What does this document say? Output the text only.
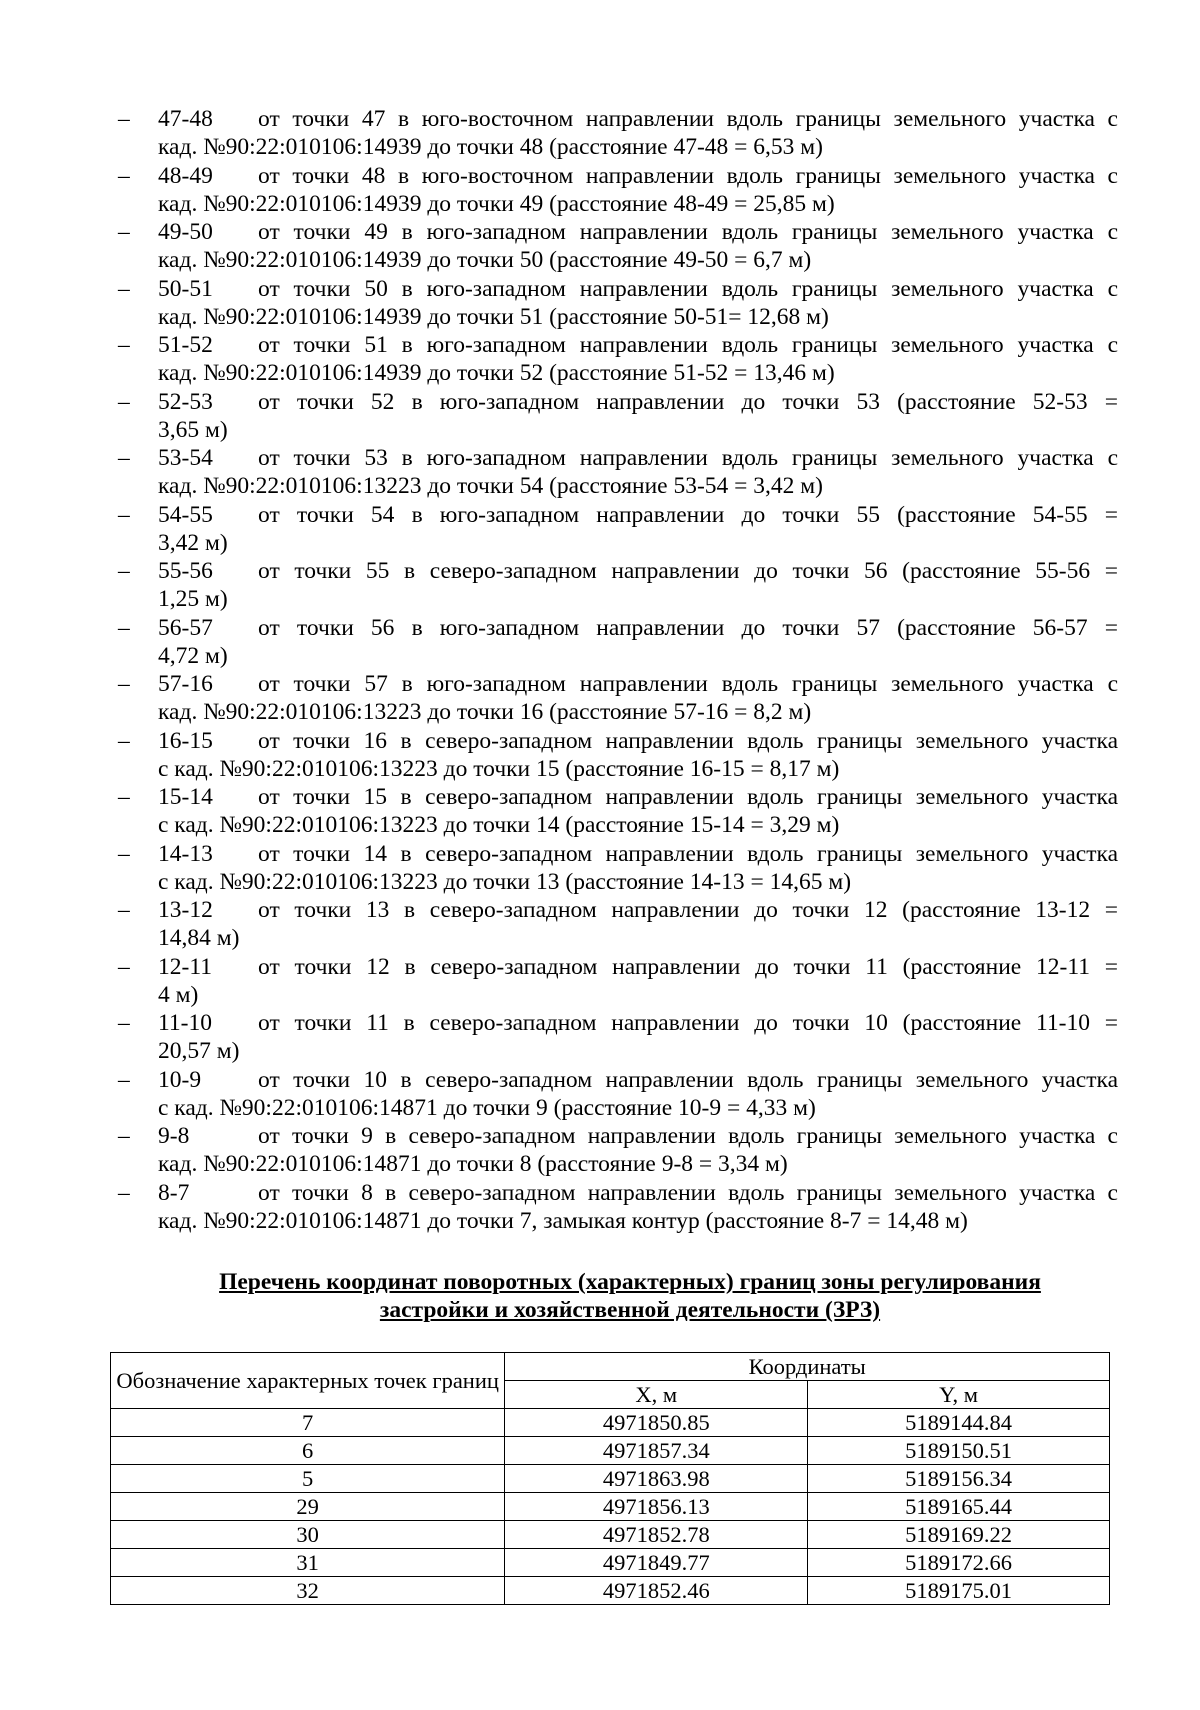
–	47-48	от точки 47 в юго-восточном направлении вдоль границы земельного участка с
кад. №90:22:010106:14939 до точки 48 (расстояние 47-48 = 6,53 м)
–	48-49	от точки 48 в юго-восточном направлении вдоль границы земельного участка с
кад. №90:22:010106:14939 до точки 49 (расстояние 48-49 = 25,85 м)
–	49-50	от точки 49 в юго-западном направлении вдоль границы земельного участка с
кад. №90:22:010106:14939 до точки 50 (расстояние 49-50 = 6,7 м)
–	50-51	от точки 50 в юго-западном направлении вдоль границы земельного участка с
кад. №90:22:010106:14939 до точки 51 (расстояние 50-51= 12,68 м)
–	51-52	от точки 51 в юго-западном направлении вдоль границы земельного участка с
кад. №90:22:010106:14939 до точки 52 (расстояние 51-52 = 13,46 м)
–	52-53	от точки 52 в юго-западном направлении до точки 53 (расстояние 52-53 =
3,65 м)
–	53-54	от точки 53 в юго-западном направлении вдоль границы земельного участка с
кад. №90:22:010106:13223 до точки 54 (расстояние 53-54 = 3,42 м)
–	54-55	от точки 54 в юго-западном направлении до точки 55 (расстояние 54-55 =
3,42 м)
–	55-56	от точки 55 в северо-западном направлении до точки 56 (расстояние 55-56 =
1,25 м)
–	56-57	от точки 56 в юго-западном направлении до точки 57 (расстояние 56-57 =
4,72 м)
–	57-16	от точки 57 в юго-западном направлении вдоль границы земельного участка с
кад. №90:22:010106:13223 до точки 16 (расстояние 57-16 = 8,2 м)
–	16-15	от точки 16 в северо-западном направлении вдоль границы земельного участка
с кад. №90:22:010106:13223 до точки 15 (расстояние 16-15 = 8,17 м)
–	15-14	от точки 15 в северо-западном направлении вдоль границы земельного участка
с кад. №90:22:010106:13223 до точки 14 (расстояние 15-14 = 3,29 м)
–	14-13	от точки 14 в северо-западном направлении вдоль границы земельного участка
с кад. №90:22:010106:13223 до точки 13 (расстояние 14-13 = 14,65 м)
–	13-12	от точки 13 в северо-западном направлении до точки 12 (расстояние 13-12 =
14,84 м)
–	12-11	от точки 12 в северо-западном направлении до точки 11 (расстояние 12-11 =
4 м)
–	11-10	от точки 11 в северо-западном направлении до точки 10 (расстояние 11-10 =
20,57 м)
–	10-9	от точки 10 в северо-западном направлении вдоль границы земельного участка
с кад. №90:22:010106:14871 до точки 9 (расстояние 10-9 = 4,33 м)
–	9-8	от точки 9 в северо-западном направлении вдоль границы земельного участка с
кад. №90:22:010106:14871 до точки 8 (расстояние 9-8 = 3,34 м)
–	8-7	от точки 8 в северо-западном направлении вдоль границы земельного участка с
кад. №90:22:010106:14871 до точки 7, замыкая контур (расстояние 8-7 = 14,48 м)
Перечень координат поворотных (характерных) границ зоны регулирования
застройки и хозяйственной деятельности (ЗРЗ)
Обозначение характерных точек границ	Координаты	
	X, м	Y, м
7	4971850.85	5189144.84
6	4971857.34	5189150.51
5	4971863.98	5189156.34
29	4971856.13	5189165.44
30	4971852.78	5189169.22
31	4971849.77	5189172.66
32	4971852.46	5189175.01
